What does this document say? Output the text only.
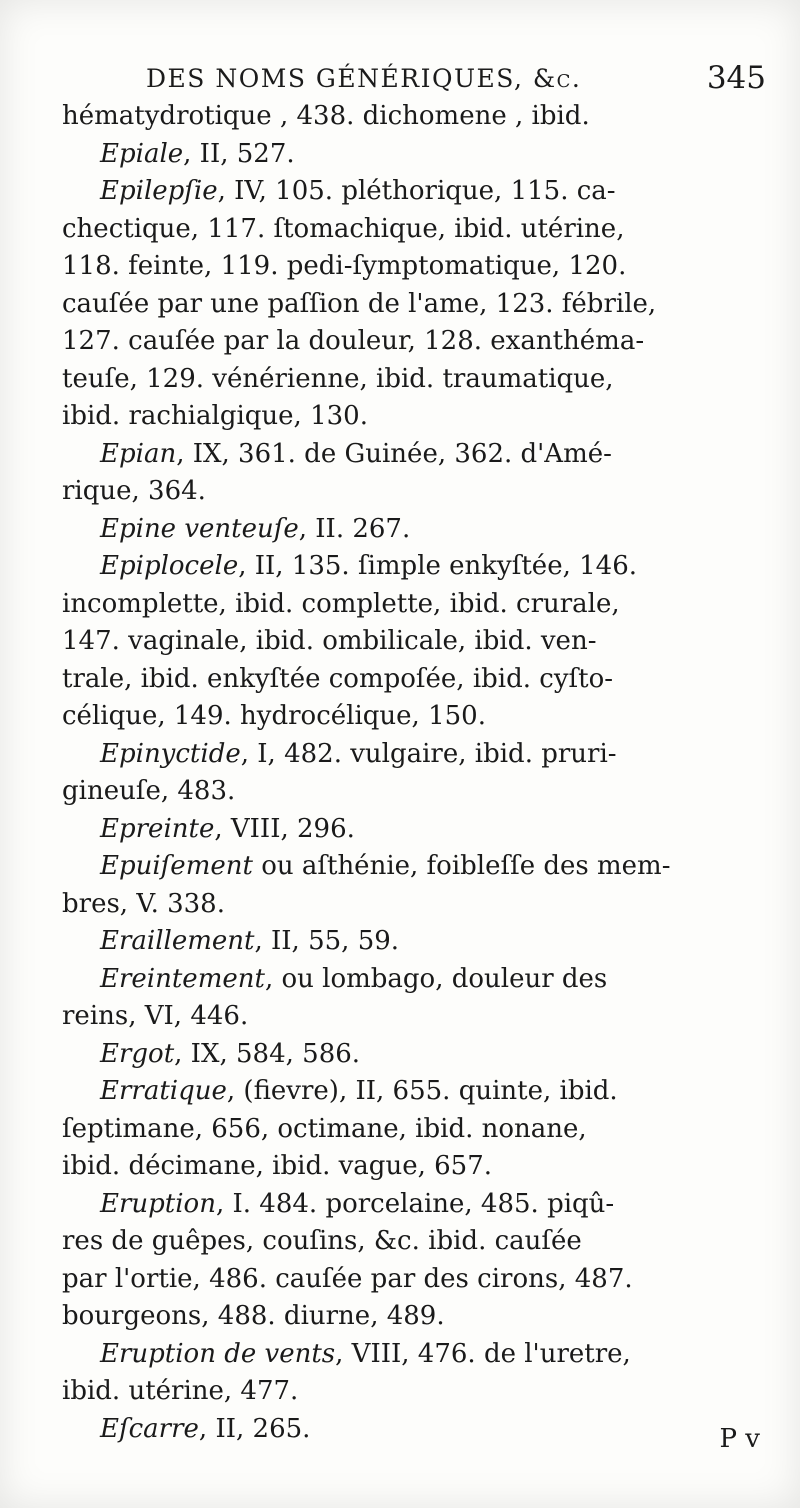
DES NOMS GÉNÉRIQUES, &c.	345
hématydrotique , 438. dichomene , ibid.
Epiale, II, 527.
Epilepſie, IV, 105. pléthorique, 115. ca-
chectique, 117. ſtomachique, ibid. utérine,
118. feinte, 119. pedi-ſymptomatique, 120.
cauſée par une paſſion de l'ame, 123. fébrile,
127. cauſée par la douleur, 128. exanthéma-
teuſe, 129. vénérienne, ibid. traumatique,
ibid. rachialgique, 130.
Epian, IX, 361. de Guinée, 362. d'Amé-
rique, 364.
Epine venteuſe, II. 267.
Epiplocele, II, 135. ſimple enkyſtée, 146.
incomplette, ibid. complette, ibid. crurale,
147. vaginale, ibid. ombilicale, ibid. ven-
trale, ibid. enkyſtée compoſée, ibid. cyſto-
célique, 149. hydrocélique, 150.
Epinyctide, I, 482. vulgaire, ibid. pruri-
gineuſe, 483.
Epreinte, VIII, 296.
Epuiſement ou aſthénie, foibleſſe des mem-
bres, V. 338.
Eraillement, II, 55, 59.
Ereintement, ou lombago, douleur des
reins, VI, 446.
Ergot, IX, 584, 586.
Erratique, (fievre), II, 655. quinte, ibid.
ſeptimane, 656, octimane, ibid. nonane,
ibid. décimane, ibid. vague, 657.
Eruption, I. 484. porcelaine, 485. piqû-
res de guêpes, couſins, &c. ibid. cauſée
par l'ortie, 486. cauſée par des cirons, 487.
bourgeons, 488. diurne, 489.
Eruption de vents, VIII, 476. de l'uretre,
ibid. utérine, 477.
Eſcarre, II, 265.	P v
